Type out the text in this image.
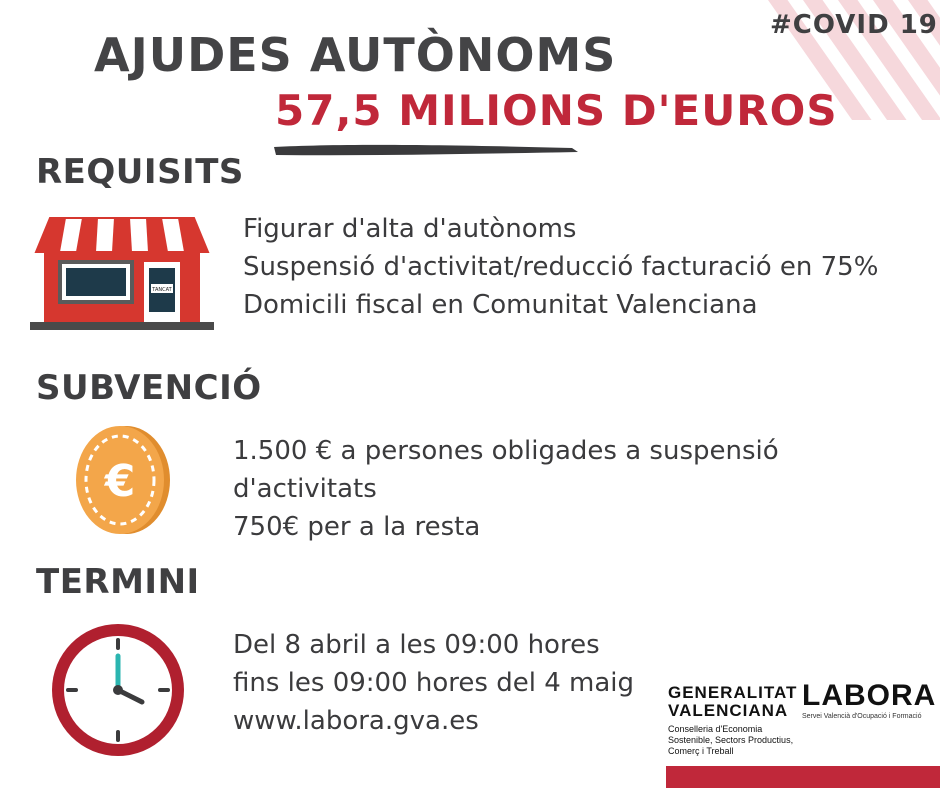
#COVID 19
AJUDES AUTÒNOMS
57,5 MILIONS D'EUROS
REQUISITS
TANCAT
Figurar d'alta d'autònoms
Suspensió d'activitat/reducció facturació en 75%
Domicili fiscal en Comunitat Valenciana
SUBVENCIÓ
€
1.500 € a persones obligades a suspensió
d'activitats
750€ per a la resta
TERMINI
Del 8 abril a les 09:00 hores
fins les 09:00 hores del 4 maig
www.labora.gva.es
GENERALITAT
VALENCIANA
Conselleria d'Economia
Sostenible, Sectors Productius,
Comerç i Treball
LABORA
Servei Valencià d'Ocupació i Formació
